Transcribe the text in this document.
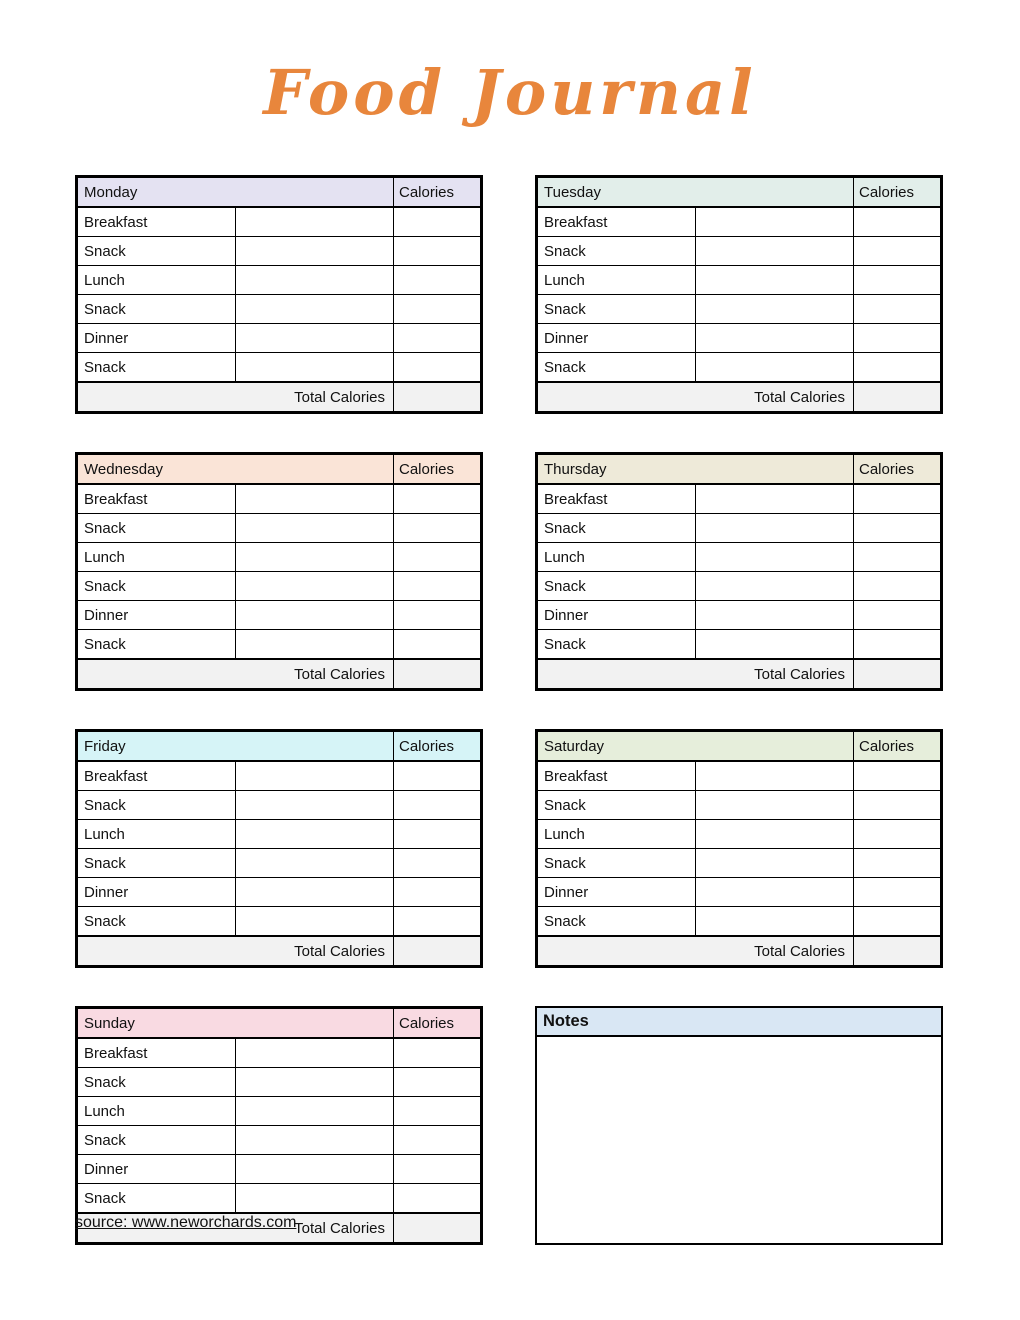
Food Journal
Monday		Calories
Breakfast		
Snack		
Lunch		
Snack		
Dinner		
Snack		
Total Calories		
Tuesday		Calories
Breakfast		
Snack		
Lunch		
Snack		
Dinner		
Snack		
Total Calories		
Wednesday		Calories
Breakfast		
Snack		
Lunch		
Snack		
Dinner		
Snack		
Total Calories		
Thursday		Calories
Breakfast		
Snack		
Lunch		
Snack		
Dinner		
Snack		
Total Calories		
Friday		Calories
Breakfast		
Snack		
Lunch		
Snack		
Dinner		
Snack		
Total Calories		
Saturday		Calories
Breakfast		
Snack		
Lunch		
Snack		
Dinner		
Snack		
Total Calories		
Sunday		Calories
Breakfast		
Snack		
Lunch		
Snack		
Dinner		
Snack		
Total Calories		
Notes
source: www.neworchards.com
